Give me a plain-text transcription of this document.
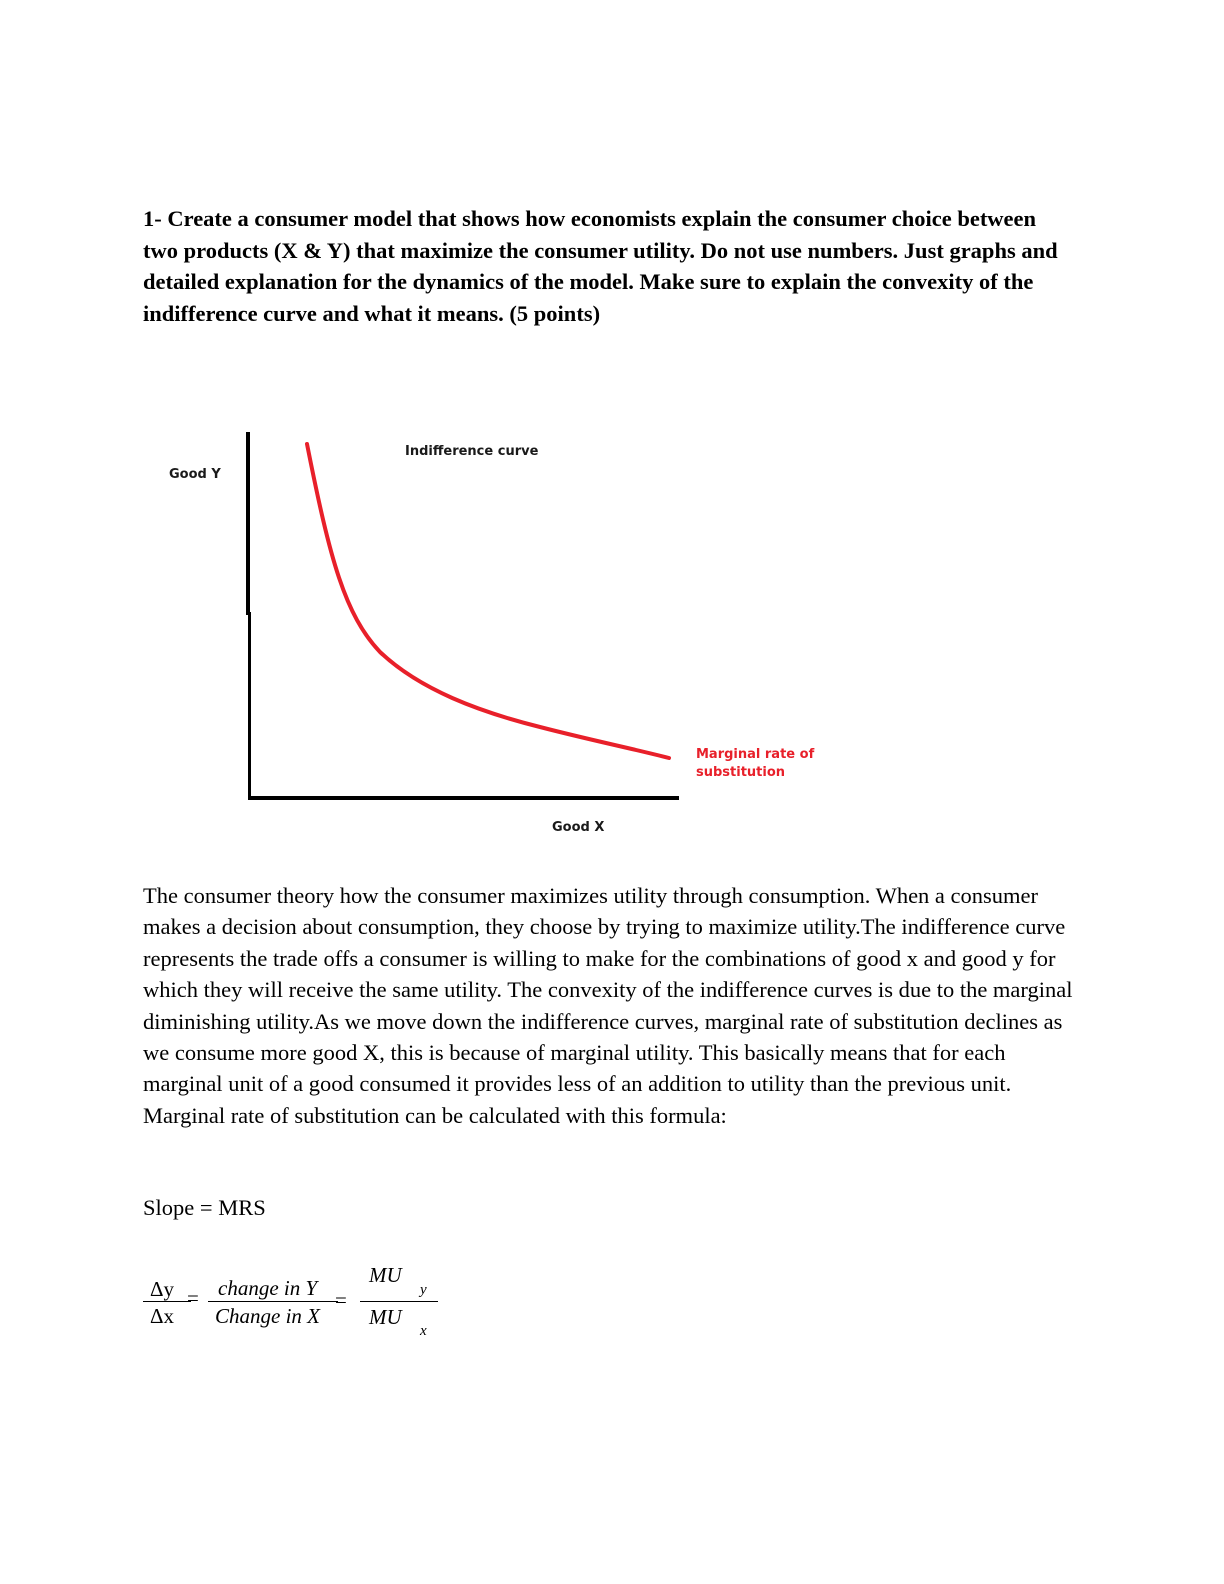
1- Create a consumer model that shows how economists explain the consumer choice between two products (X & Y) that maximize the consumer utility. Do not use numbers. Just graphs and detailed explanation for the dynamics of the model. Make sure to explain the convexity of the indifference curve and what it means. (5 points)

Good Y
Indifference curve
Good X
Marginal rate of substitution

The consumer theory how the consumer maximizes utility through consumption. When a consumer makes a decision about consumption, they choose by trying to maximize utility.The indifference curve represents the trade offs a consumer is willing to make for the combinations of good x and good y for which they will receive the same utility. The convexity of the indifference curves is due to the marginal diminishing utility.As we move down the indifference curves, marginal rate of substitution declines as we consume more good X, this is because of marginal utility. This basically means that for each marginal unit of a good consumed it provides less of an addition to utility than the previous unit. Marginal rate of substitution can be calculated with this formula:

Slope = MRS

Δy
Δx
= change in Y
Change in X
=
MU
y
MU
x
